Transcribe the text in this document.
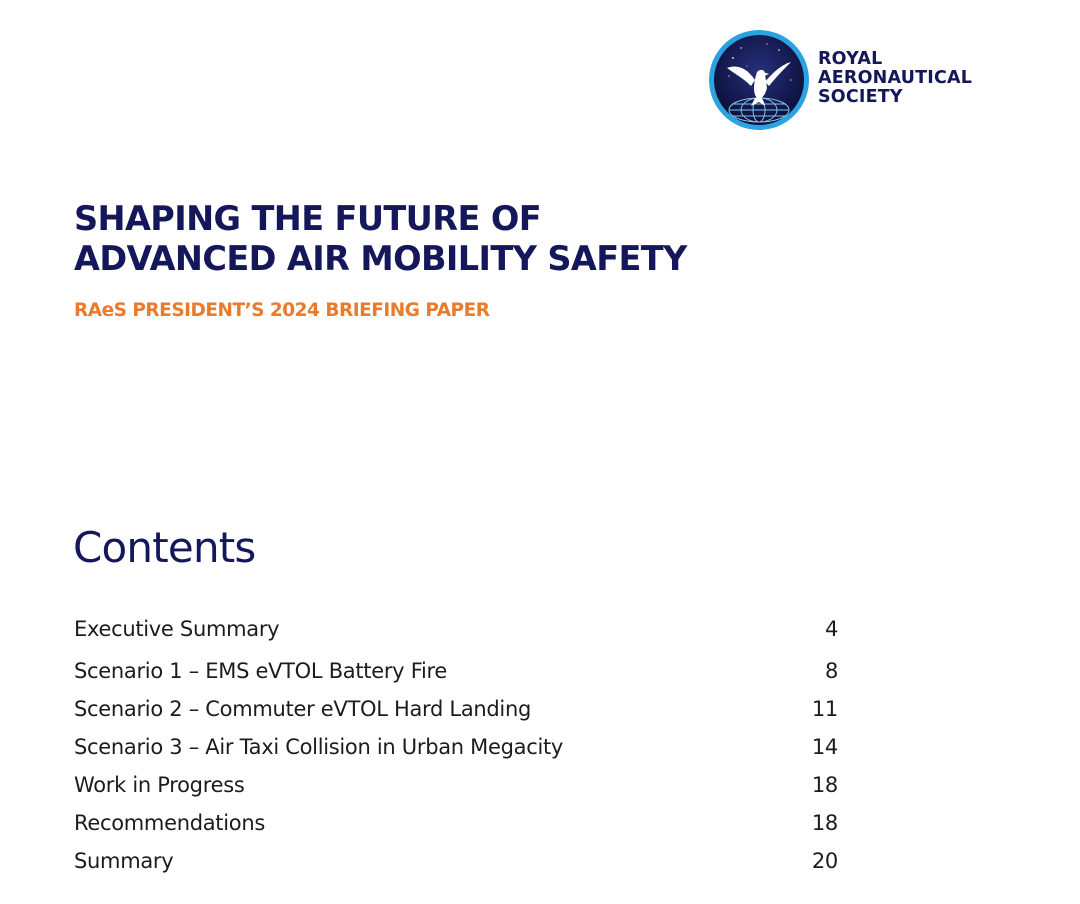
ROYAL
AERONAUTICAL
SOCIETY

SHAPING THE FUTURE OF
ADVANCED AIR MOBILITY SAFETY

RAeS PRESIDENT’S 2024 BRIEFING PAPER

Contents
Executive Summary	4
Scenario 1 – EMS eVTOL Battery Fire	8
Scenario 2 – Commuter eVTOL Hard Landing	11
Scenario 3 – Air Taxi Collision in Urban Megacity	14
Work in Progress	18
Recommendations	18
Summary	20
